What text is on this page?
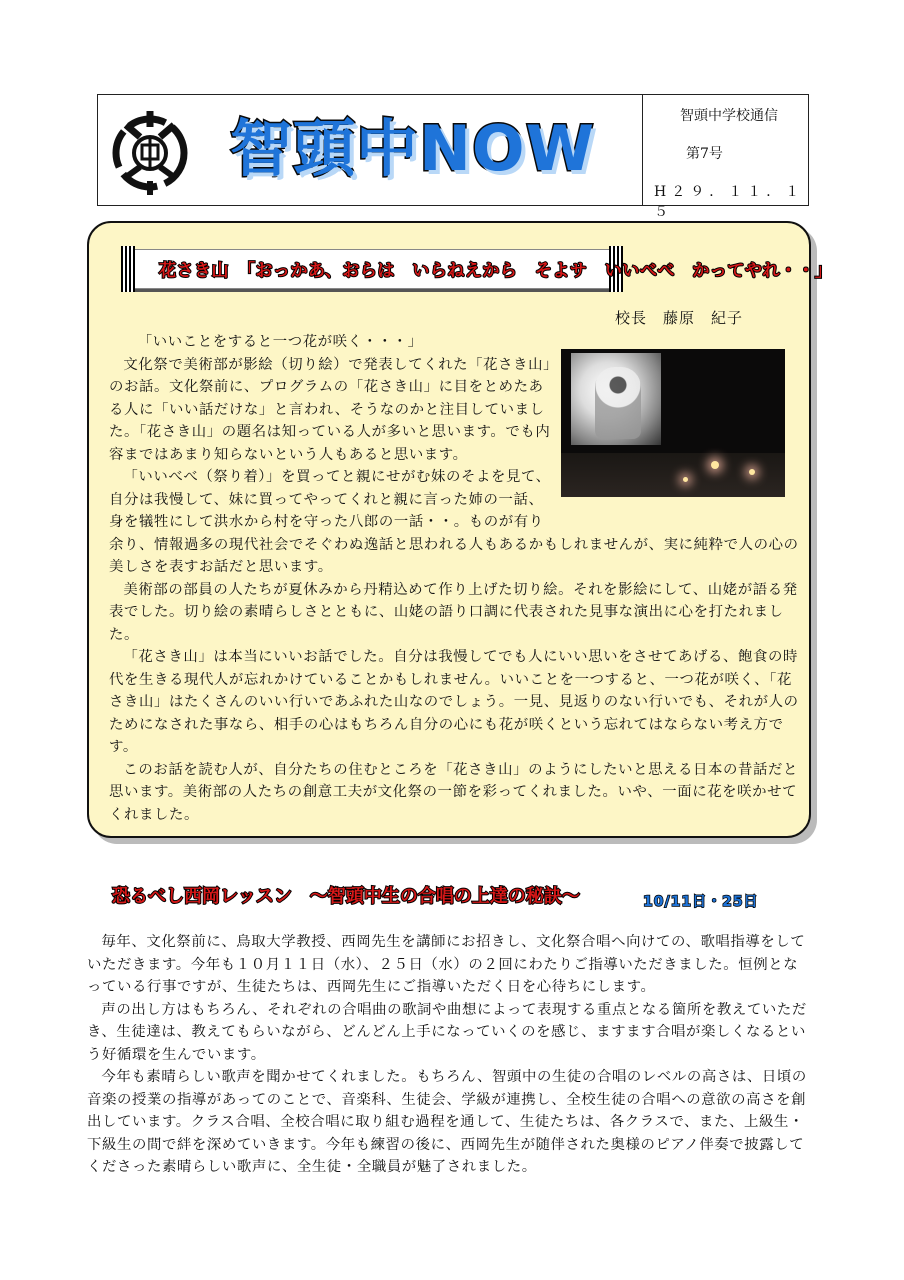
智頭中NOW	智頭中学校通信
第7号
H２９．１１．１５
花さき山　「おっかあ、おらは　いらねえから　そよサ　いいべべ　かってやれ・・」
校長　藤原　紀子

「いいことをすると一つ花が咲く・・・」

文化祭で美術部が影絵（切り絵）で発表してくれた「花さき山」のお話。文化祭前に、プログラムの「花さき山」に目をとめたある人に「いい話だけな」と言われ、そうなのかと注目していました。「花さき山」の題名は知っている人が多いと思います。でも内容まではあまり知らないという人もあると思います。

「いいべべ（祭り着）」を買ってと親にせがむ妹のそよを見て、自分は我慢して、妹に買ってやってくれと親に言った姉の一話、身を犠牲にして洪水から村を守った八郎の一話・・。ものが有り余り、情報過多の現代社会でそぐわぬ逸話と思われる人もあるかもしれませんが、実に純粋で人の心の美しさを表すお話だと思います。

美術部の部員の人たちが夏休みから丹精込めて作り上げた切り絵。それを影絵にして、山姥が語る発表でした。切り絵の素晴らしさとともに、山姥の語り口調に代表された見事な演出に心を打たれました。

「花さき山」は本当にいいお話でした。自分は我慢してでも人にいい思いをさせてあげる、飽食の時代を生きる現代人が忘れかけていることかもしれません。いいことを一つすると、一つ花が咲く、「花さき山」はたくさんのいい行いであふれた山なのでしょう。一見、見返りのない行いでも、それが人のためになされた事なら、相手の心はもちろん自分の心にも花が咲くという忘れてはならない考え方です。

このお話を読む人が、自分たちの住むところを「花さき山」のようにしたいと思える日本の昔話だと思います。美術部の人たちの創意工夫が文化祭の一節を彩ってくれました。いや、一面に花を咲かせてくれました。

恐るべし西岡レッスン　～智頭中生の合唱の上達の秘訣～	10/11日・25日

毎年、文化祭前に、鳥取大学教授、西岡先生を講師にお招きし、文化祭合唱へ向けての、歌唱指導をしていただきます。今年も１０月１１日（水）、２５日（水）の２回にわたりご指導いただきました。恒例となっている行事ですが、生徒たちは、西岡先生にご指導いただく日を心待ちにします。

声の出し方はもちろん、それぞれの合唱曲の歌詞や曲想によって表現する重点となる箇所を教えていただき、生徒達は、教えてもらいながら、どんどん上手になっていくのを感じ、ますます合唱が楽しくなるという好循環を生んでいます。

今年も素晴らしい歌声を聞かせてくれました。もちろん、智頭中の生徒の合唱のレベルの高さは、日頃の音楽の授業の指導があってのことで、音楽科、生徒会、学級が連携し、全校生徒の合唱への意欲の高さを創出しています。クラス合唱、全校合唱に取り組む過程を通して、生徒たちは、各クラスで、また、上級生・下級生の間で絆を深めていきます。今年も練習の後に、西岡先生が随伴された奥様のピアノ伴奏で披露してくださった素晴らしい歌声に、全生徒・全職員が魅了されました。
